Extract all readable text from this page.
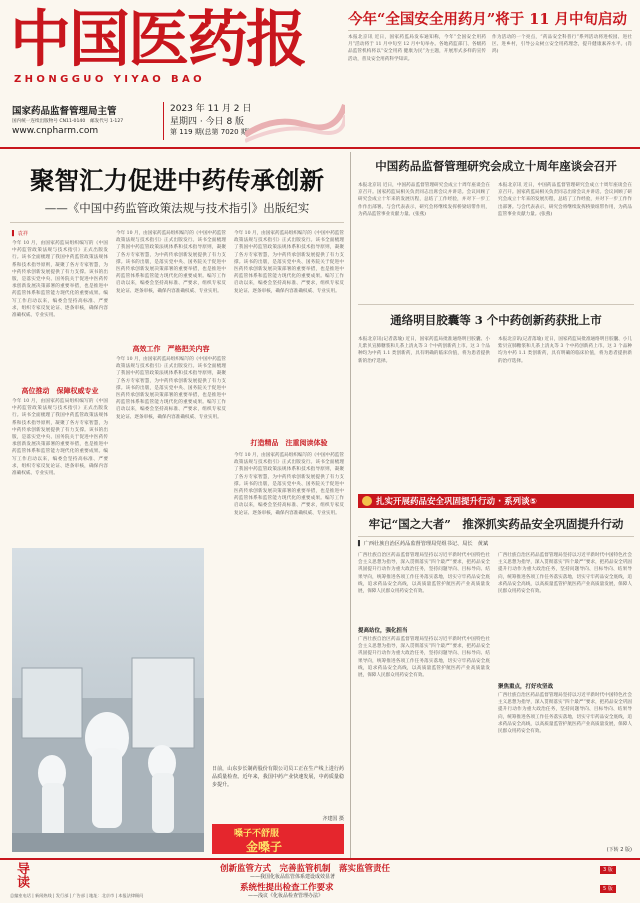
中国医药报
ZHONGGUO YIYAO BAO
国家药品监督管理局主管
国内统一连续出版物号 CN11-0140 邮发代号 1-127
www.cnpharm.com
2023 年 11 月 2 日
星期四 · 今日 8 版
第 119 期(总第 7020 期)
今年“全国安全用药月”将于 11 月中旬启动
本报北京讯 近日，国家药监局发布通知称，今年“全国安全用药月”活动将于 11 月中旬至 12 月中旬举办。各地药监部门、各级药品监管机构将以“安全用药 健康为民”为主题，开展形式多样的宣传活动，普及安全用药科学知识。
作为活动的一个亮点，“药品安全科普行”系列活动将进校园、进社区、进乡村，引导公众树立安全用药理念，提升健康素养水平。(肖鸿)
聚智汇力促进中药传承创新
——《中国中药监管政策法规与技术指引》出版纪实
▌ 袁祥
今年 10 月，由国家药监局组织编写的《中国中药监管政策法规与技术指引》正式出版发行。该书全面梳理了我国中药监管政策法规体系和技术指导原则，凝聚了各方专家智慧，为中药传承创新发展提供了有力支撑。该书的出版，是落实党中央、国务院关于促进中医药传承创新发展决策部署的重要举措，也是推进中药监管体系和监管能力现代化的重要成果。编写工作启动以来，编委会坚持高标准、严要求，组织专家反复论证、逐条审核，确保内容准确权威、专业实用。
高位推动　保障权威专业
今年 10 月，由国家药监局组织编写的《中国中药监管政策法规与技术指引》正式出版发行。该书全面梳理了我国中药监管政策法规体系和技术指导原则，凝聚了各方专家智慧，为中药传承创新发展提供了有力支撑。该书的出版，是落实党中央、国务院关于促进中医药传承创新发展决策部署的重要举措，也是推进中药监管体系和监管能力现代化的重要成果。编写工作启动以来，编委会坚持高标准、严要求，组织专家反复论证、逐条审核，确保内容准确权威、专业实用。
今年 10 月，由国家药监局组织编写的《中国中药监管政策法规与技术指引》正式出版发行。该书全面梳理了我国中药监管政策法规体系和技术指导原则，凝聚了各方专家智慧，为中药传承创新发展提供了有力支撑。该书的出版，是落实党中央、国务院关于促进中医药传承创新发展决策部署的重要举措，也是推进中药监管体系和监管能力现代化的重要成果。编写工作启动以来，编委会坚持高标准、严要求，组织专家反复论证、逐条审核，确保内容准确权威、专业实用。
高效工作　严格把关内容
今年 10 月，由国家药监局组织编写的《中国中药监管政策法规与技术指引》正式出版发行。该书全面梳理了我国中药监管政策法规体系和技术指导原则，凝聚了各方专家智慧，为中药传承创新发展提供了有力支撑。该书的出版，是落实党中央、国务院关于促进中医药传承创新发展决策部署的重要举措，也是推进中药监管体系和监管能力现代化的重要成果。编写工作启动以来，编委会坚持高标准、严要求，组织专家反复论证、逐条审核，确保内容准确权威、专业实用。
今年 10 月，由国家药监局组织编写的《中国中药监管政策法规与技术指引》正式出版发行。该书全面梳理了我国中药监管政策法规体系和技术指导原则，凝聚了各方专家智慧，为中药传承创新发展提供了有力支撑。该书的出版，是落实党中央、国务院关于促进中医药传承创新发展决策部署的重要举措，也是推进中药监管体系和监管能力现代化的重要成果。编写工作启动以来，编委会坚持高标准、严要求，组织专家反复论证、逐条审核，确保内容准确权威、专业实用。
打造精品　注重阅读体验
今年 10 月，由国家药监局组织编写的《中国中药监管政策法规与技术指引》正式出版发行。该书全面梳理了我国中药监管政策法规体系和技术指导原则，凝聚了各方专家智慧，为中药传承创新发展提供了有力支撑。该书的出版，是落实党中央、国务院关于促进中医药传承创新发展决策部署的重要举措，也是推进中药监管体系和监管能力现代化的重要成果。编写工作启动以来，编委会坚持高标准、严要求，组织专家反复论证、逐条审核，确保内容准确权威、专业实用。
日前，山东步长制药股份有限公司员工正在生产线上进行药品质量检查。近年来，我国中药产业快速发展，中药质量稳步提升。
齐建国 摄
嗓子不舒服
金嗓子
中国药品监督管理研究会成立十周年座谈会召开
本报北京讯 近日，中国药品监督管理研究会成立十周年座谈会在京召开。国家药监局相关负责同志出席会议并讲话。会议回顾了研究会成立十年来的发展历程，总结了工作经验，并对下一步工作作出部署。与会代表表示，研究会将继续发挥桥梁纽带作用，为药品监管事业贡献力量。(张燕)
本报北京讯 近日，中国药品监督管理研究会成立十周年座谈会在京召开。国家药监局相关负责同志出席会议并讲话。会议回顾了研究会成立十年来的发展历程，总结了工作经验，并对下一步工作作出部署。与会代表表示，研究会将继续发挥桥梁纽带作用，为药品监管事业贡献力量。(张燕)
通络明目胶囊等 3 个中药创新药获批上市
本报北京讯(记者落瑜) 近日，国家药监局批准通络明目胶囊、小儿紫贝宣肺糖浆和儿茶上清丸等 3 个中药创新药上市。这 3 个品种均为中药 1.1 类创新药，具有明确的临床价值，将为患者提供新的治疗选择。
本报北京讯(记者落瑜) 近日，国家药监局批准通络明目胶囊、小儿紫贝宣肺糖浆和儿茶上清丸等 3 个中药创新药上市。这 3 个品种均为中药 1.1 类创新药，具有明确的临床价值，将为患者提供新的治疗选择。
扎实开展药品安全巩固提升行动 · 系列谈⑤
牢记“国之大者”　推深抓实药品安全巩固提升行动
▌ 广西壮族自治区药品监督管理局党组书记、局长　黄斌
广西壮族自治区药品监督管理局坚持以习近平新时代中国特色社会主义思想为指导，深入贯彻落实“四个最严”要求，把药品安全巩固提升行动作为重大政治任务，坚持问题导向、目标导向、结果导向，统筹推进各项工作任务落实落地，切实守牢药品安全底线，追求药品安全高线，以高质量监管护航医药产业高质量发展，保障人民群众用药安全有效。
提高站位，强化担当
广西壮族自治区药品监督管理局坚持以习近平新时代中国特色社会主义思想为指导，深入贯彻落实“四个最严”要求，把药品安全巩固提升行动作为重大政治任务，坚持问题导向、目标导向、结果导向，统筹推进各项工作任务落实落地，切实守牢药品安全底线，追求药品安全高线，以高质量监管护航医药产业高质量发展，保障人民群众用药安全有效。
广西壮族自治区药品监督管理局坚持以习近平新时代中国特色社会主义思想为指导，深入贯彻落实“四个最严”要求，把药品安全巩固提升行动作为重大政治任务，坚持问题导向、目标导向、结果导向，统筹推进各项工作任务落实落地，切实守牢药品安全底线，追求药品安全高线，以高质量监管护航医药产业高质量发展，保障人民群众用药安全有效。
聚焦重点，打好攻坚战
广西壮族自治区药品监督管理局坚持以习近平新时代中国特色社会主义思想为指导，深入贯彻落实“四个最严”要求，把药品安全巩固提升行动作为重大政治任务，坚持问题导向、目标导向、结果导向，统筹推进各项工作任务落实落地，切实守牢药品安全底线，追求药品安全高线，以高质量监管护航医药产业高质量发展，保障人民群众用药安全有效。
(下转 2 版)
导读	创新监管方式　完善监管机制　落实监管责任
——我国化妆品监管体系建设成效显著
3 版
系统性提出检查工作要求
——浅议《化妆品检查管理办法》
5 版
总编室电话 | 新闻热线 | 发行部 | 广告部 | 地址：北京市 | 本报法律顾问
